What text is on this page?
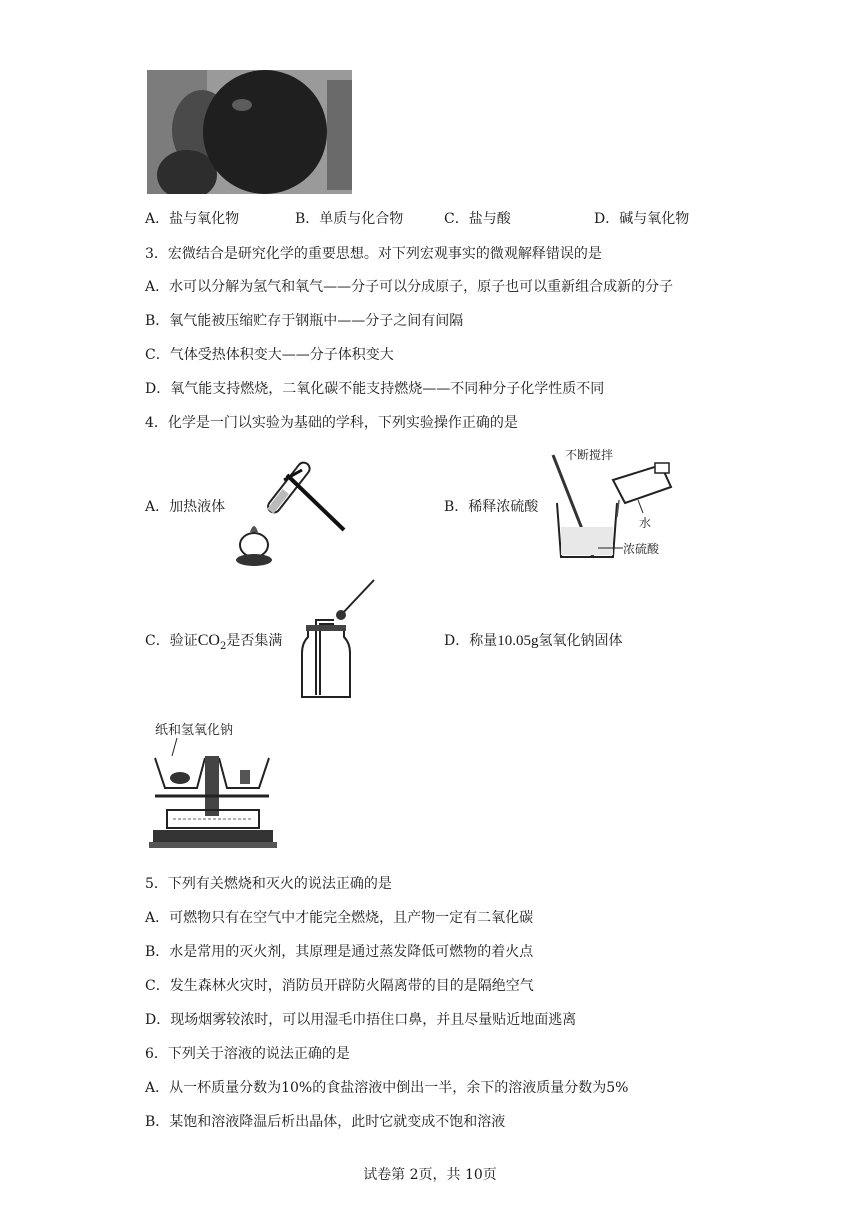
A．盐与氧化物	B．单质与化合物	C．盐与酸	D．碱与氧化物
3．宏微结合是研究化学的重要思想。对下列宏观事实的微观解释错误的是
A．水可以分解为氢气和氧气——分子可以分成原子，原子也可以重新组合成新的分子
B．氧气能被压缩贮存于钢瓶中——分子之间有间隔
C．气体受热体积变大——分子体积变大
D．氧气能支持燃烧，二氧化碳不能支持燃烧——不同种分子化学性质不同
4．化学是一门以实验为基础的学科，下列实验操作正确的是
A．加热液体	B．稀释浓硫酸
不断搅拌
水
浓硫酸
C．验证$CO_2$是否集满	D．称量10.05g氢氧化钠固体
纸和氢氧化钠
5．下列有关燃烧和灭火的说法正确的是
A．可燃物只有在空气中才能完全燃烧，且产物一定有二氧化碳
B．水是常用的灭火剂，其原理是通过蒸发降低可燃物的着火点
C．发生森林火灾时，消防员开辟防火隔离带的目的是隔绝空气
D．现场烟雾较浓时，可以用湿毛巾捂住口鼻，并且尽量贴近地面逃离
6．下列关于溶液的说法正确的是
A．从一杯质量分数为10%的食盐溶液中倒出一半，余下的溶液质量分数为5%
B．某饱和溶液降温后析出晶体，此时它就变成不饱和溶液
试卷第 2页，共 10页
